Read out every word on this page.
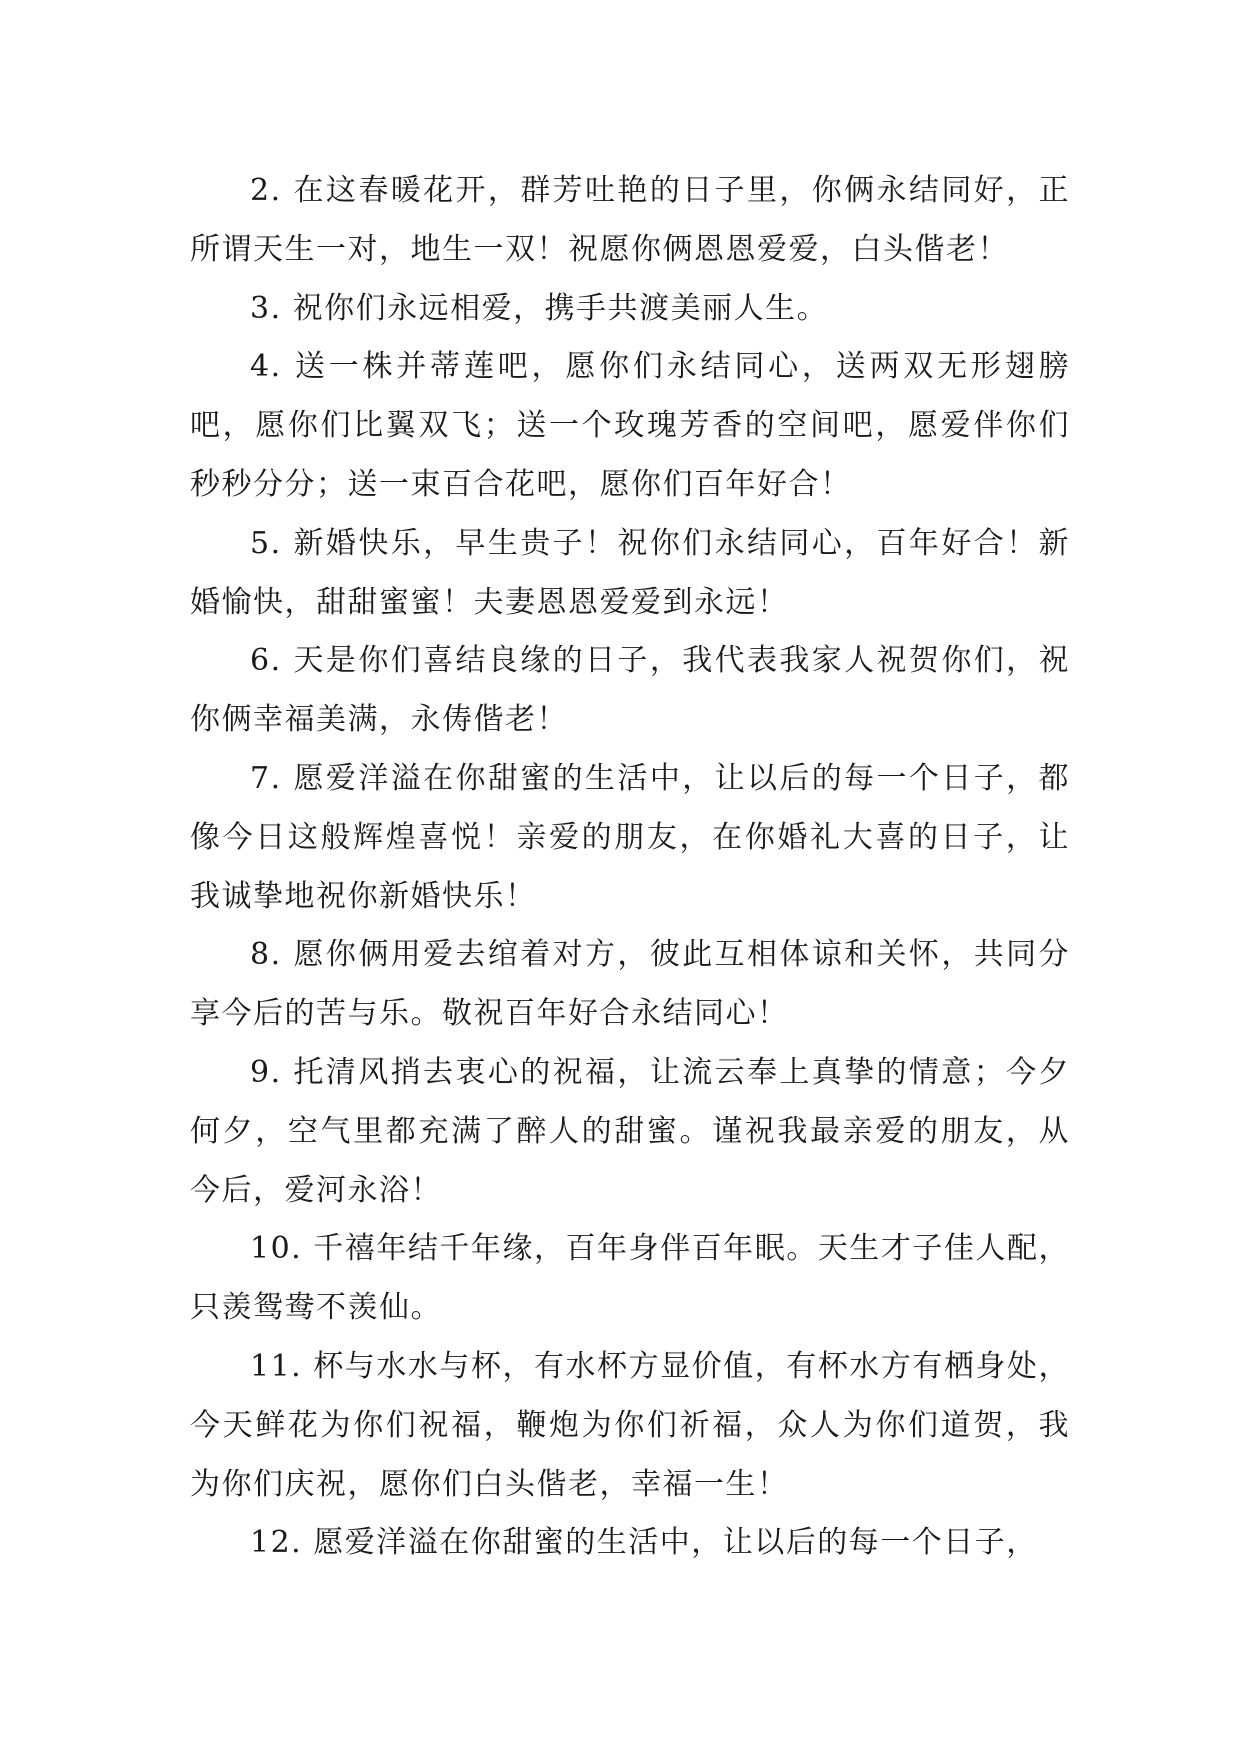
2. 在这春暖花开，群芳吐艳的日子里，你俩永结同好，正所谓天生一对，地生一双！祝愿你俩恩恩爱爱，白头偕老！

3. 祝你们永远相爱，携手共渡美丽人生。

4. 送一株并蒂莲吧，愿你们永结同心，送两双无形翅膀吧，愿你们比翼双飞；送一个玫瑰芳香的空间吧，愿爱伴你们秒秒分分；送一束百合花吧，愿你们百年好合！

5. 新婚快乐，早生贵子！祝你们永结同心，百年好合！新婚愉快，甜甜蜜蜜！夫妻恩恩爱爱到永远！

6. 天是你们喜结良缘的日子，我代表我家人祝贺你们，祝你俩幸福美满，永俦偕老！

7. 愿爱洋溢在你甜蜜的生活中，让以后的每一个日子，都像今日这般辉煌喜悦！亲爱的朋友，在你婚礼大喜的日子，让我诚挚地祝你新婚快乐！

8. 愿你俩用爱去绾着对方，彼此互相体谅和关怀，共同分享今后的苦与乐。敬祝百年好合永结同心！

9. 托清风捎去衷心的祝福，让流云奉上真挚的情意；今夕何夕，空气里都充满了醉人的甜蜜。谨祝我最亲爱的朋友，从今后，爱河永浴！

10. 千禧年结千年缘，百年身伴百年眠。天生才子佳人配，只羡鸳鸯不羡仙。

11. 杯与水水与杯，有水杯方显价值，有杯水方有栖身处，今天鲜花为你们祝福，鞭炮为你们祈福，众人为你们道贺，我为你们庆祝，愿你们白头偕老，幸福一生！

12. 愿爱洋溢在你甜蜜的生活中，让以后的每一个日子，
